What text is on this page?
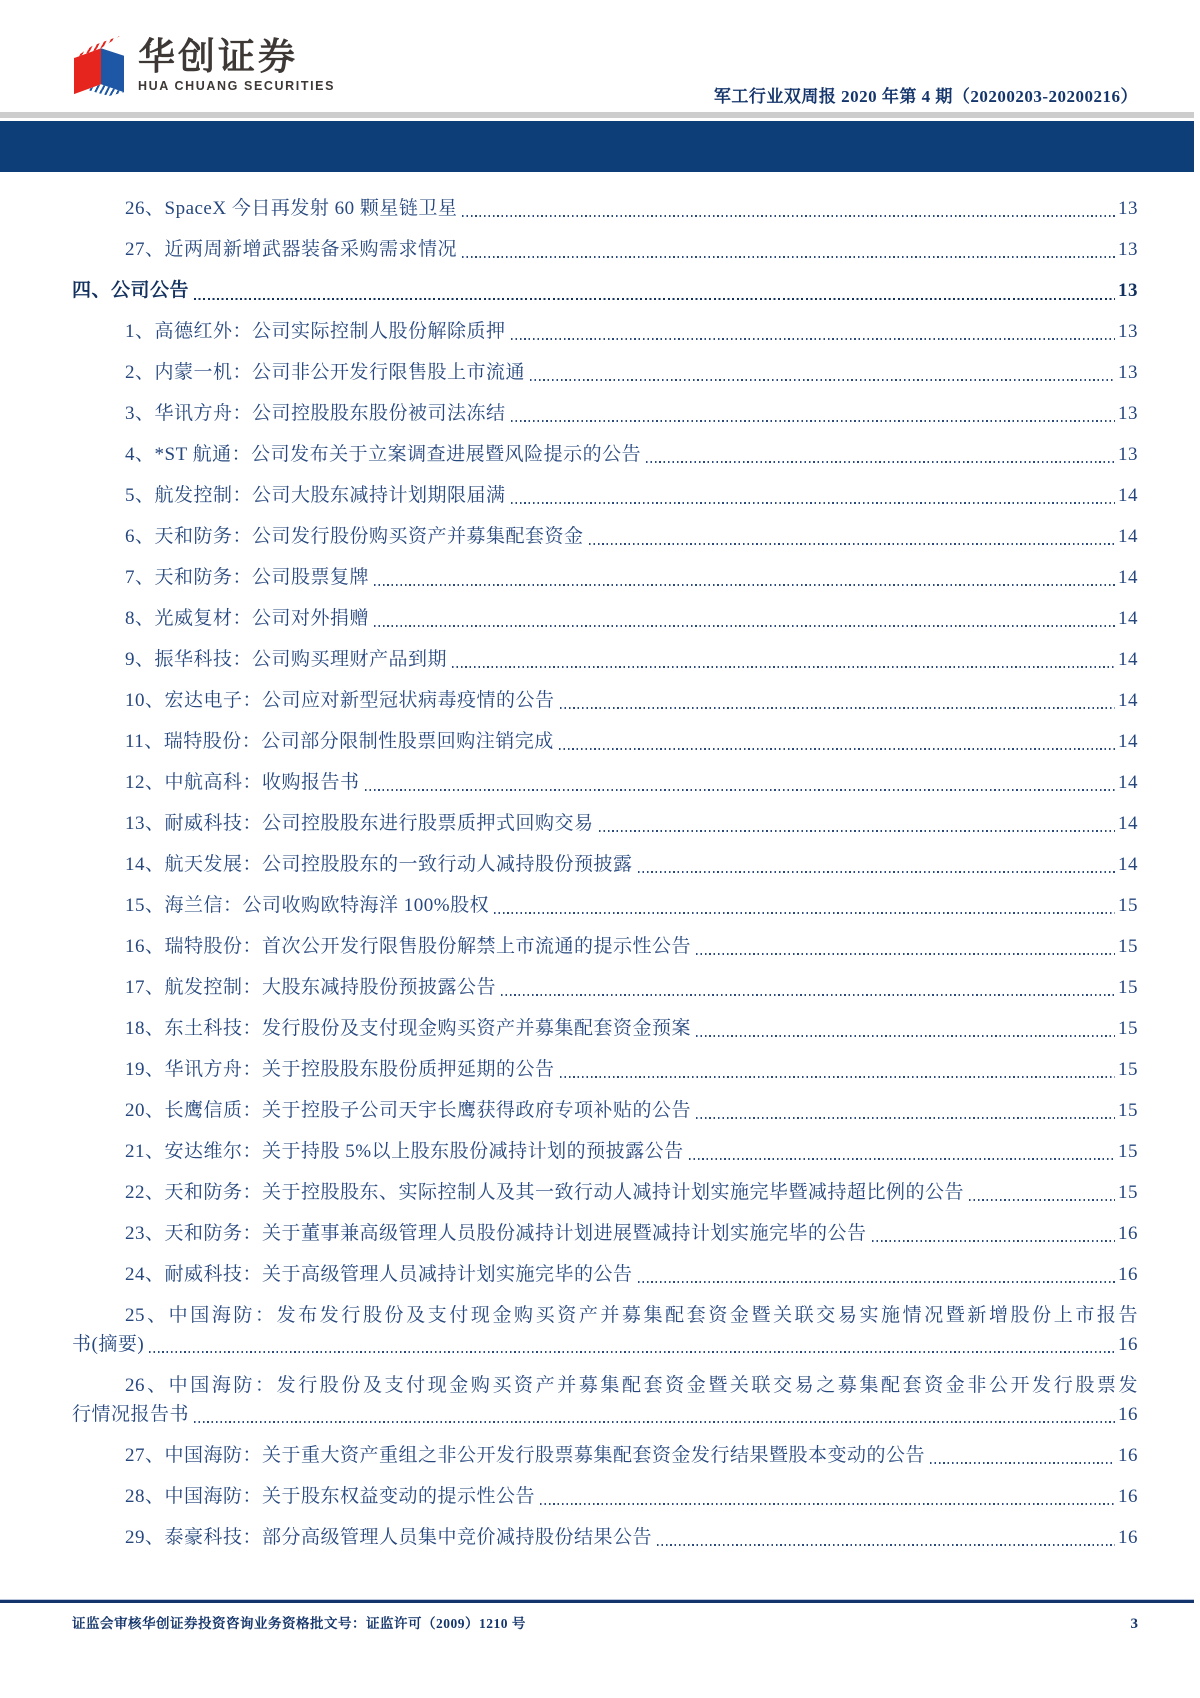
华创证券
HUA CHUANG SECURITIES
军工行业双周报 2020 年第 4 期（20200203-20200216）
26、SpaceX 今日再发射 60 颗星链卫星	13
27、近两周新增武器装备采购需求情况	13
四、公司公告	13
1、高德红外：公司实际控制人股份解除质押	13
2、内蒙一机：公司非公开发行限售股上市流通	13
3、华讯方舟：公司控股股东股份被司法冻结	13
4、*ST 航通：公司发布关于立案调查进展暨风险提示的公告	13
5、航发控制：公司大股东减持计划期限届满	14
6、天和防务：公司发行股份购买资产并募集配套资金	14
7、天和防务：公司股票复牌	14
8、光威复材：公司对外捐赠	14
9、振华科技：公司购买理财产品到期	14
10、宏达电子：公司应对新型冠状病毒疫情的公告	14
11、瑞特股份：公司部分限制性股票回购注销完成	14
12、中航高科：收购报告书	14
13、耐威科技：公司控股股东进行股票质押式回购交易	14
14、航天发展：公司控股股东的一致行动人减持股份预披露	14
15、海兰信：公司收购欧特海洋 100%股权	15
16、瑞特股份：首次公开发行限售股份解禁上市流通的提示性公告	15
17、航发控制：大股东减持股份预披露公告	15
18、东土科技：发行股份及支付现金购买资产并募集配套资金预案	15
19、华讯方舟：关于控股股东股份质押延期的公告	15
20、长鹰信质：关于控股子公司天宇长鹰获得政府专项补贴的公告	15
21、安达维尔：关于持股 5%以上股东股份减持计划的预披露公告	15
22、天和防务：关于控股股东、实际控制人及其一致行动人减持计划实施完毕暨减持超比例的公告	15
23、天和防务：关于董事兼高级管理人员股份减持计划进展暨减持计划实施完毕的公告	16
24、耐威科技：关于高级管理人员减持计划实施完毕的公告	16
25、中国海防：发布发行股份及支付现金购买资产并募集配套资金暨关联交易实施情况暨新增股份上市报告
书(摘要)	16
26、中国海防：发行股份及支付现金购买资产并募集配套资金暨关联交易之募集配套资金非公开发行股票发
行情况报告书	16
27、中国海防：关于重大资产重组之非公开发行股票募集配套资金发行结果暨股本变动的公告	16
28、中国海防：关于股东权益变动的提示性公告	16
29、泰豪科技：部分高级管理人员集中竞价减持股份结果公告	16
证监会审核华创证券投资咨询业务资格批文号：证监许可（2009）1210 号	3
